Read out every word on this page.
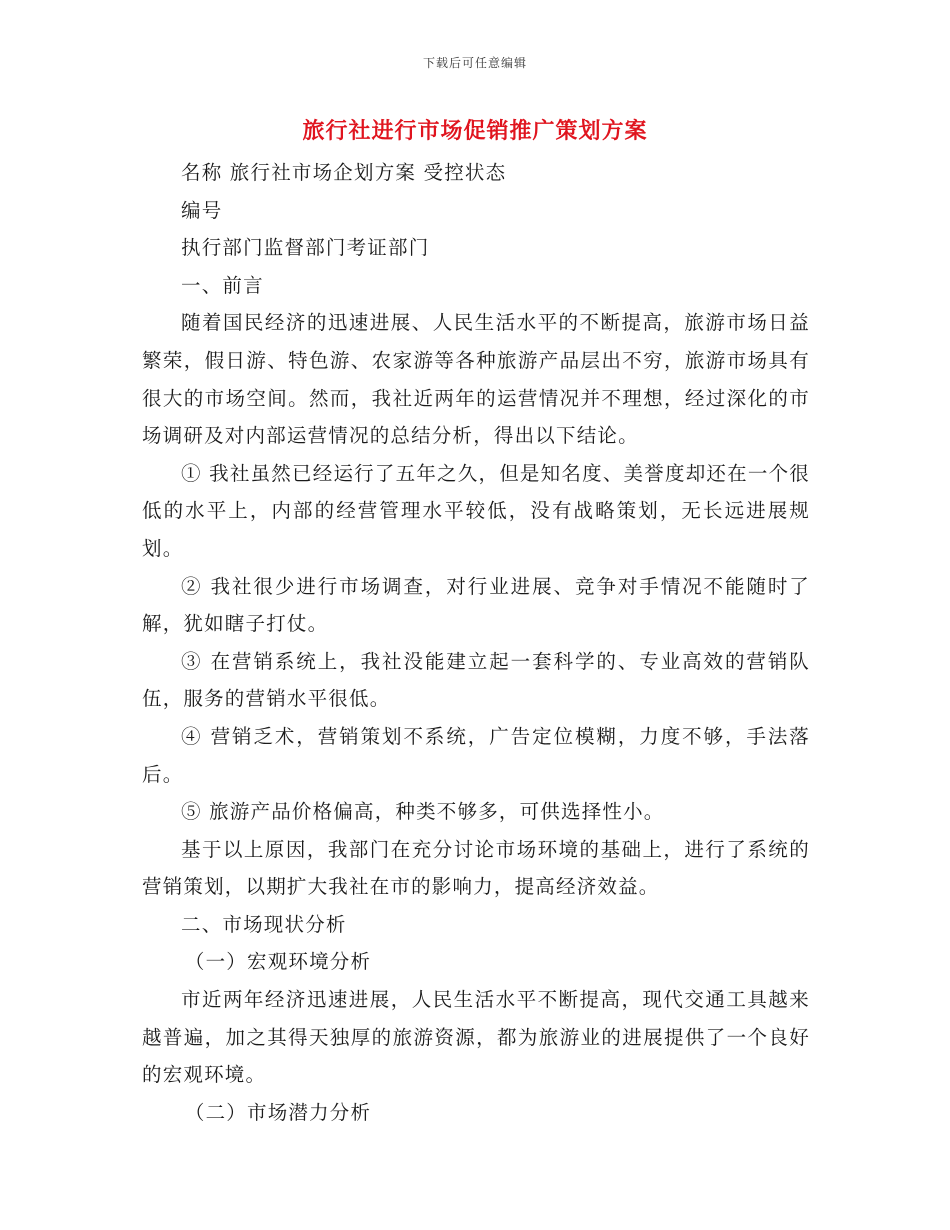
下载后可任意编辑
旅行社进行市场促销推广策划方案

名称 旅行社市场企划方案 受控状态

编号

执行部门监督部门考证部门

一、前言

随着国民经济的迅速进展、人民生活水平的不断提高，旅游市场日益繁荣，假日游、特色游、农家游等各种旅游产品层出不穷，旅游市场具有很大的市场空间。然而，我社近两年的运营情况并不理想，经过深化的市场调研及对内部运营情况的总结分析，得出以下结论。

① 我社虽然已经运行了五年之久，但是知名度、美誉度却还在一个很低的水平上，内部的经营管理水平较低，没有战略策划，无长远进展规划。

② 我社很少进行市场调查，对行业进展、竞争对手情况不能随时了解，犹如瞎子打仗。

③ 在营销系统上，我社没能建立起一套科学的、专业高效的营销队伍，服务的营销水平很低。

④ 营销乏术，营销策划不系统，广告定位模糊，力度不够，手法落后。

⑤ 旅游产品价格偏高，种类不够多，可供选择性小。

基于以上原因，我部门在充分讨论市场环境的基础上，进行了系统的营销策划，以期扩大我社在市的影响力，提高经济效益。

二、市场现状分析

（一）宏观环境分析

市近两年经济迅速进展，人民生活水平不断提高，现代交通工具越来越普遍，加之其得天独厚的旅游资源，都为旅游业的进展提供了一个良好的宏观环境。

（二）市场潜力分析
